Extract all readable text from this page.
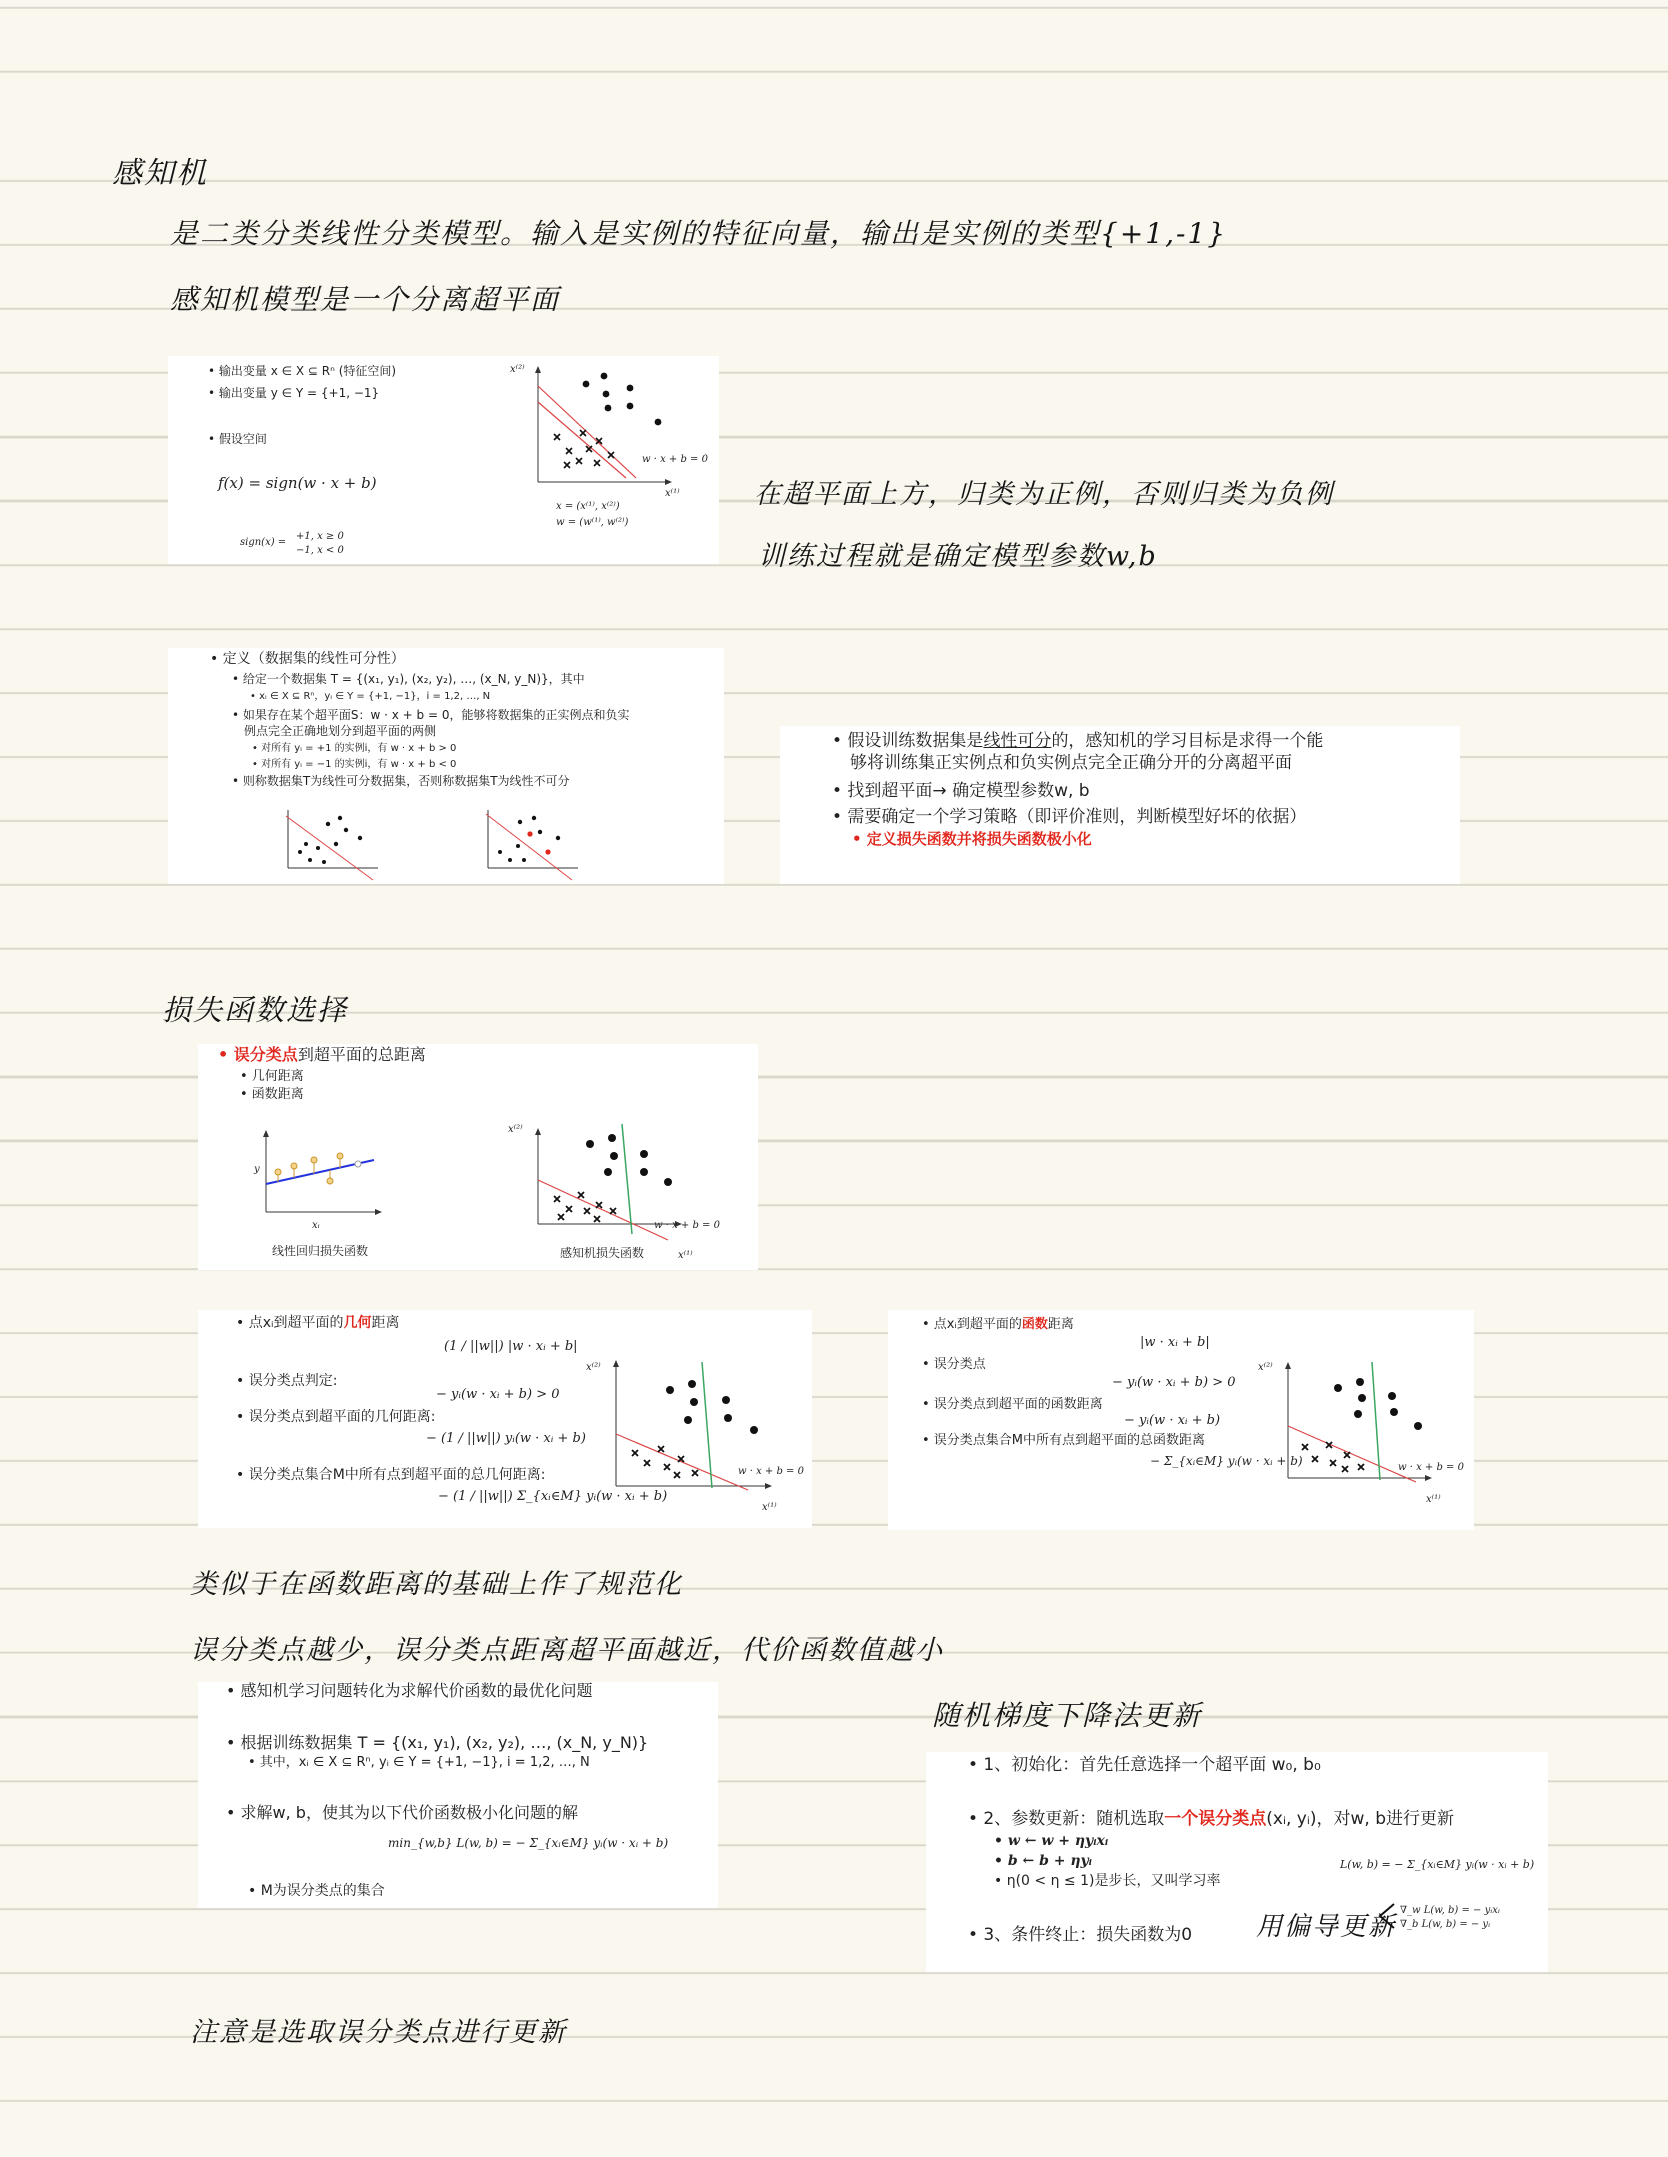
感知机
是二类分类线性分类模型。输入是实例的特征向量，输出是实例的类型{+1,-1}
感知机模型是一个分离超平面
• 输出变量 x ∈ X ⊆ Rⁿ (特征空间)
• 输出变量 y ∈ Y = {+1, −1}
• 假设空间
f(x) = sign(w · x + b)
sign(x) =
+1, x ≥ 0
−1, x < 0
x = (x⁽¹⁾, x⁽²⁾)
w = (w⁽¹⁾, w⁽²⁾)
x⁽²⁾
x⁽¹⁾
w · x + b = 0
在超平面上方，归类为正例，否则归类为负例
训练过程就是确定模型参数w,b
• 定义（数据集的线性可分性）
• 给定一个数据集 T = {(x₁, y₁), (x₂, y₂), …, (x_N, y_N)}，其中
• xᵢ ∈ X ⊆ Rⁿ，yᵢ ∈ Y = {+1, −1}，i = 1,2, …, N
• 如果存在某个超平面S：w · x + b = 0，能够将数据集的正实例点和负实
例点完全正确地划分到超平面的两侧
• 对所有 yᵢ = +1 的实例i，有 w · x + b > 0
• 对所有 yᵢ = −1 的实例i，有 w · x + b < 0
• 则称数据集T为线性可分数据集，否则称数据集T为线性不可分
• 假设训练数据集是线性可分的，感知机的学习目标是求得一个能
够将训练集正实例点和负实例点完全正确分开的分离超平面
• 找到超平面→ 确定模型参数w, b
• 需要确定一个学习策略（即评价准则，判断模型好坏的依据）
• 定义损失函数并将损失函数极小化
损失函数选择
• 误分类点到超平面的总距离
• 几何距离
• 函数距离
线性回归损失函数	感知机损失函数
y
xᵢ
x⁽²⁾
x⁽¹⁾
w · x + b = 0
• 点xᵢ到超平面的几何距离
(1 / ||w||) |w · xᵢ + b|
• 误分类点判定:
− yᵢ(w · xᵢ + b) > 0
• 误分类点到超平面的几何距离:
− (1 / ||w||) yᵢ(w · xᵢ + b)
• 误分类点集合M中所有点到超平面的总几何距离:
− (1 / ||w||) Σ_{xᵢ∈M} yᵢ(w · xᵢ + b)
x⁽²⁾
x⁽¹⁾
w · x + b = 0
• 点xᵢ到超平面的函数距离
|w · xᵢ + b|
• 误分类点
− yᵢ(w · xᵢ + b) > 0
• 误分类点到超平面的函数距离
− yᵢ(w · xᵢ + b)
• 误分类点集合M中所有点到超平面的总函数距离
− Σ_{xᵢ∈M} yᵢ(w · xᵢ + b)
x⁽²⁾
x⁽¹⁾
w · x + b = 0
类似于在函数距离的基础上作了规范化
误分类点越少，误分类点距离超平面越近，代价函数值越小
• 感知机学习问题转化为求解代价函数的最优化问题
• 根据训练数据集 T = {(x₁, y₁), (x₂, y₂), …, (x_N, y_N)}
• 其中，xᵢ ∈ X ⊆ Rⁿ, yᵢ ∈ Y = {+1, −1}, i = 1,2, …, N
• 求解w, b，使其为以下代价函数极小化问题的解
min_{w,b} L(w, b) = − Σ_{xᵢ∈M} yᵢ(w · xᵢ + b)
• M为误分类点的集合
随机梯度下降法更新
• 1、初始化：首先任意选择一个超平面 w₀, b₀
• 2、参数更新：随机选取一个误分类点(xᵢ, yᵢ)，对w, b进行更新
• w ← w + ηyᵢxᵢ
• b ← b + ηyᵢ
• η(0 < η ≤ 1)是步长，又叫学习率
L(w, b) = − Σ_{xᵢ∈M} yᵢ(w · xᵢ + b)
∇_w L(w, b) = − yᵢxᵢ
∇_b L(w, b) = − yᵢ
• 3、条件终止：损失函数为0 用偏导更新
注意是选取误分类点进行更新
